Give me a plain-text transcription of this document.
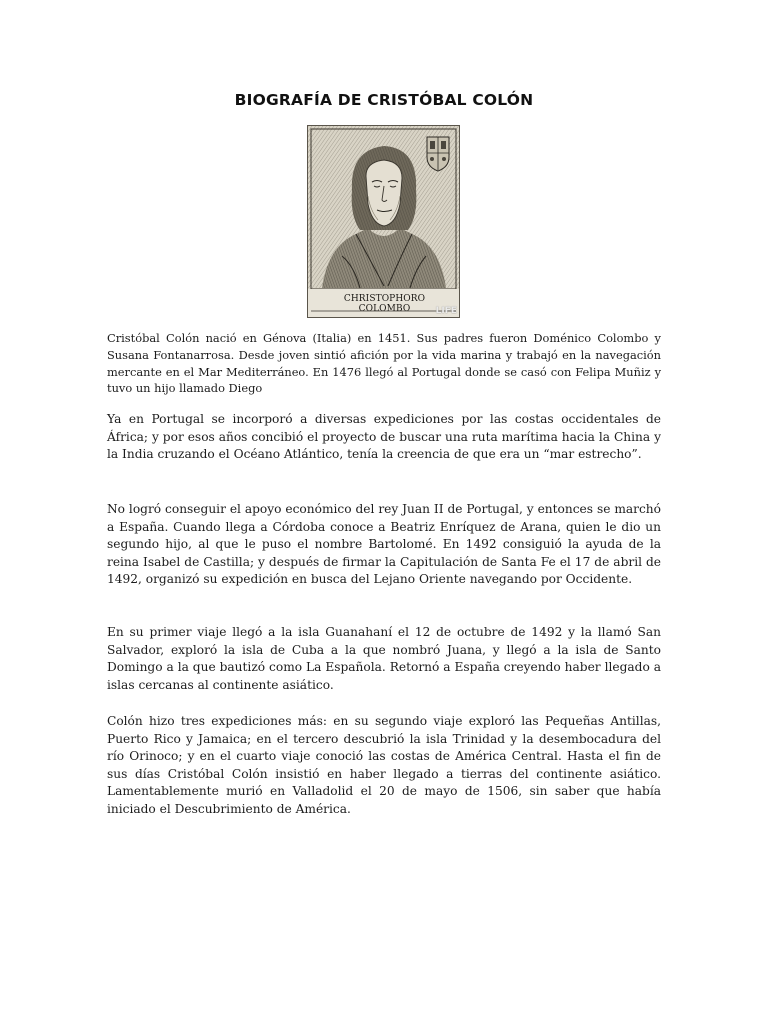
BIOGRAFÍA DE CRISTÓBAL COLÓN
CHRISTOPHORO COLOMBO	LIFE

Cristóbal Colón nació en Génova (Italia) en 1451. Sus padres fueron Doménico Colombo y Susana Fontanarrosa. Desde joven sintió afición por la vida marina y trabajó en la navegación mercante en el Mar Mediterráneo. En 1476 llegó al Portugal donde se casó con Felipa Muñiz y tuvo un hijo llamado Diego

Ya en Portugal se incorporó a diversas expediciones por las costas occidentales de África; y por esos años concibió el proyecto de buscar una ruta marítima hacia la China y la India cruzando el Océano Atlántico, tenía la creencia de que era un “mar estrecho”.

No logró conseguir el apoyo económico del rey Juan II de Portugal, y entonces se marchó a España. Cuando llega a Córdoba conoce a Beatriz Enríquez de Arana, quien le dio un segundo hijo, al que le puso el nombre Bartolomé. En 1492 consiguió la ayuda de la reina Isabel de Castilla; y después de firmar la Capitulación de Santa Fe el 17 de abril de 1492, organizó su expedición en busca del Lejano Oriente navegando por Occidente.

En su primer viaje llegó a la isla Guanahaní el 12 de octubre de 1492 y la llamó San Salvador, exploró la isla de Cuba a la que nombró Juana, y llegó a la isla de Santo Domingo a la que bautizó como La Española. Retornó a España creyendo haber llegado a islas cercanas al continente asiático.

Colón hizo tres expediciones más: en su segundo viaje exploró las Pequeñas Antillas, Puerto Rico y Jamaica; en el tercero descubrió la isla Trinidad y la desembocadura del río Orinoco; y en el cuarto viaje conoció las costas de América Central. Hasta el fin de sus días Cristóbal Colón insistió en haber llegado a tierras del continente asiático. Lamentablemente murió en Valladolid el 20 de mayo de 1506, sin saber que había iniciado el Descubrimiento de América.
